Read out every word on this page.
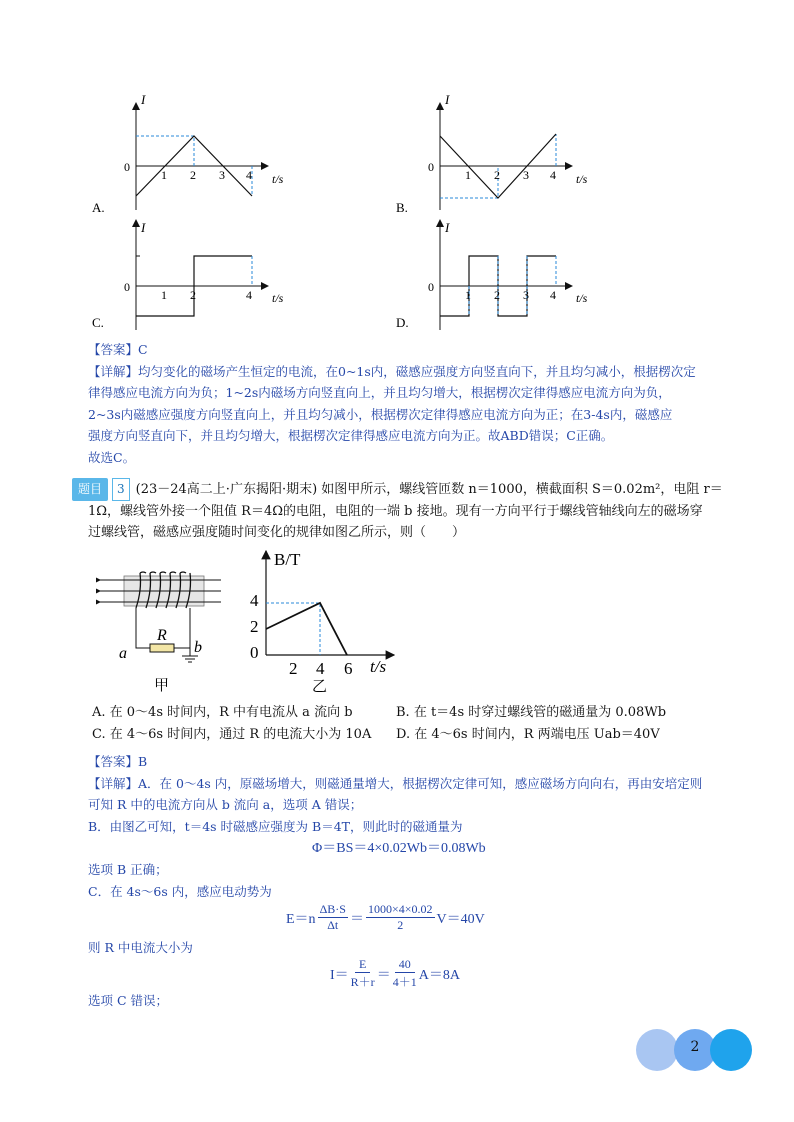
I
0
1 2 3 4 t/s
A.
I
0
1 2 3 4 t/s
B.
I
0
1 2	4 t/s
C.
I
0
1 2 3 4 t/s
D.
【答案】C
【详解】均匀变化的磁场产生恒定的电流，在0~1s内，磁感应强度方向竖直向下，并且均匀减小，根据楞次定
律得感应电流方向为负；1~2s内磁场方向竖直向上，并且均匀增大，根据楞次定律得感应电流方向为负，
2~3s内磁感应强度方向竖直向上，并且均匀减小，根据楞次定律得感应电流方向为正；在3-4s内，磁感应
强度方向竖直向下，并且均匀增大，根据楞次定律得感应电流方向为正。故ABD错误；C正确。
故选C。
题目 3 (23－24高二上·广东揭阳·期末) 如图甲所示，螺线管匝数 n＝1000，横截面积 S＝0.02m²，电阻 r＝
1Ω，螺线管外接一个阻值 R＝4Ω的电阻，电阻的一端 b 接地。现有一方向平行于螺线管轴线向左的磁场穿
过螺线管，磁感应强度随时间变化的规律如图乙所示，则（　　）
R
a	b
甲
B/T
t/s
4
2
0
2 4 6
乙
A. 在 0～4s 时间内，R 中有电流从 a 流向 b	B. 在 t＝4s 时穿过螺线管的磁通量为 0.08Wb
C. 在 4～6s 时间内，通过 R 的电流大小为 10A D. 在 4～6s 时间内，R 两端电压 Uab＝40V
【答案】B
【详解】A．在 0～4s 内，原磁场增大，则磁通量增大，根据楞次定律可知，感应磁场方向向右，再由安培定则
可知 R 中的电流方向从 b 流向 a，选项 A 错误；
B．由图乙可知，t＝4s 时磁感应强度为 B＝4T，则此时的磁通量为
Φ＝BS＝4×0.02Wb＝0.08Wb
选项 B 正确；
C．在 4s～6s 内，感应电动势为
E＝n
ΔB·S
Δt ＝
1000×4×0.02
2 V＝40V
则 R 中电流大小为
I＝
E
R＋r ＝
40
4＋1 A＝8A
选项 C 错误；
2
